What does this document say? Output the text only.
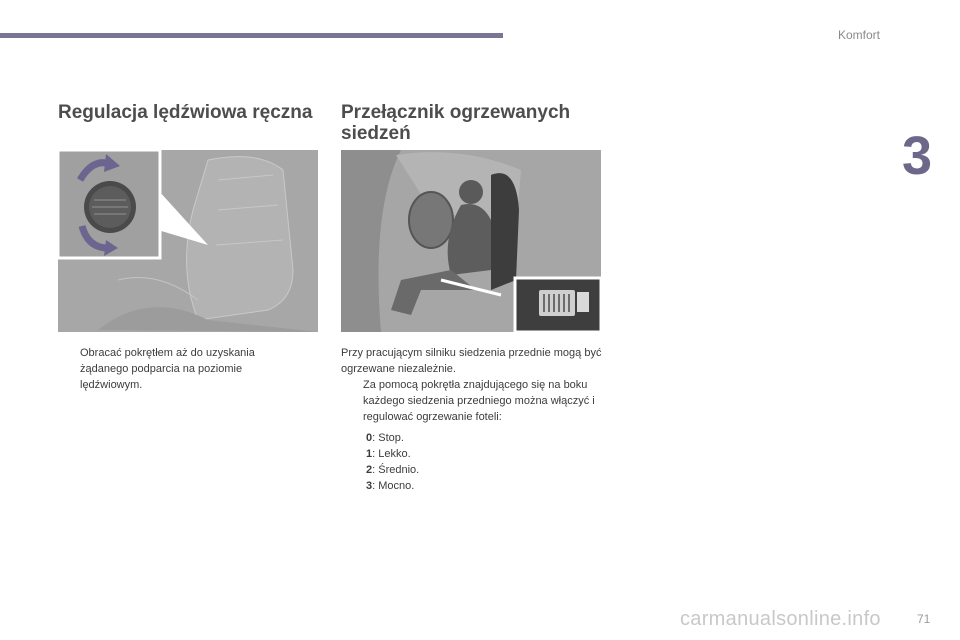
Komfort
3
Regulacja lędźwiowa ręczna	Przełącznik ogrzewanych siedzeń
Obracać pokrętłem aż do uzyskania żądanego podparcia na poziomie lędźwiowym.
Przy pracującym silniku siedzenia przednie mogą być ogrzewane niezależnie.
Za pomocą pokrętła znajdującego się na boku każdego siedzenia przedniego można włączyć i regulować ogrzewanie foteli:
0: Stop.
1: Lekko.
2: Średnio.
3: Mocno.
carmanualsonline.info	71
